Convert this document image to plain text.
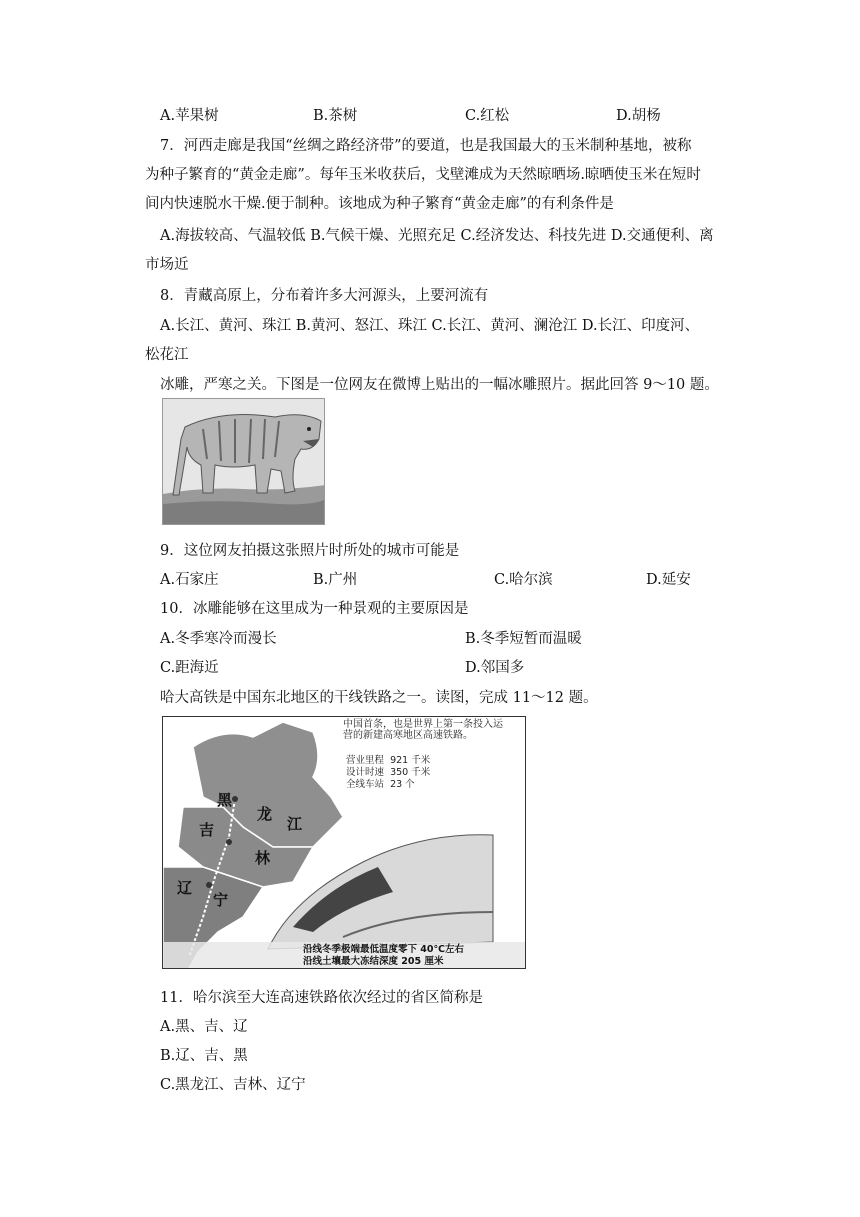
A.苹果树	B.茶树	C.红松	D.胡杨
7．河西走廊是我国“丝绸之路经济带”的要道，也是我国最大的玉米制种基地，被称
为种子繁育的“黄金走廊”。每年玉米收获后，戈壁滩成为天然晾晒场.晾晒使玉米在短时
间内快速脱水干燥.便于制种。该地成为种子繁育“黄金走廊”的有利条件是
A.海拔较高、气温较低 B.气候干燥、光照充足 C.经济发达、科技先进 D.交通便利、离
市场近
8．青藏高原上，分布着许多大河源头，上要河流有
A.长江、黄河、珠江 B.黄河、怒江、珠江 C.长江、黄河、澜沧江 D.长江、印度河、
松花江
冰雕，严寒之关。下图是一位网友在微博上贴出的一幅冰雕照片。据此回答 9～10 题。
9．这位网友拍摄这张照片时所处的城市可能是
A.石家庄	B.广州	C.哈尔滨	D.延安
10．冰雕能够在这里成为一种景观的主要原因是
A.冬季寒冷而漫长	B.冬季短暂而温暖
C.距海近	D.邻国多
哈大高铁是中国东北地区的干线铁路之一。读图，完成 11～12 题。
中国首条，也是世界上第一条投入运
营的新建高寒地区高速铁路。
营业里程 921 千米
设计时速 350 千米
全线车站 23 个
黑
龙
江
吉
林
辽
宁
沿线冬季极端最低温度零下 40℃左右
沿线土壤最大冻结深度 205 厘米
11．哈尔滨至大连高速铁路依次经过的省区简称是
A.黑、吉、辽
B.辽、吉、黑
C.黑龙江、吉林、辽宁
